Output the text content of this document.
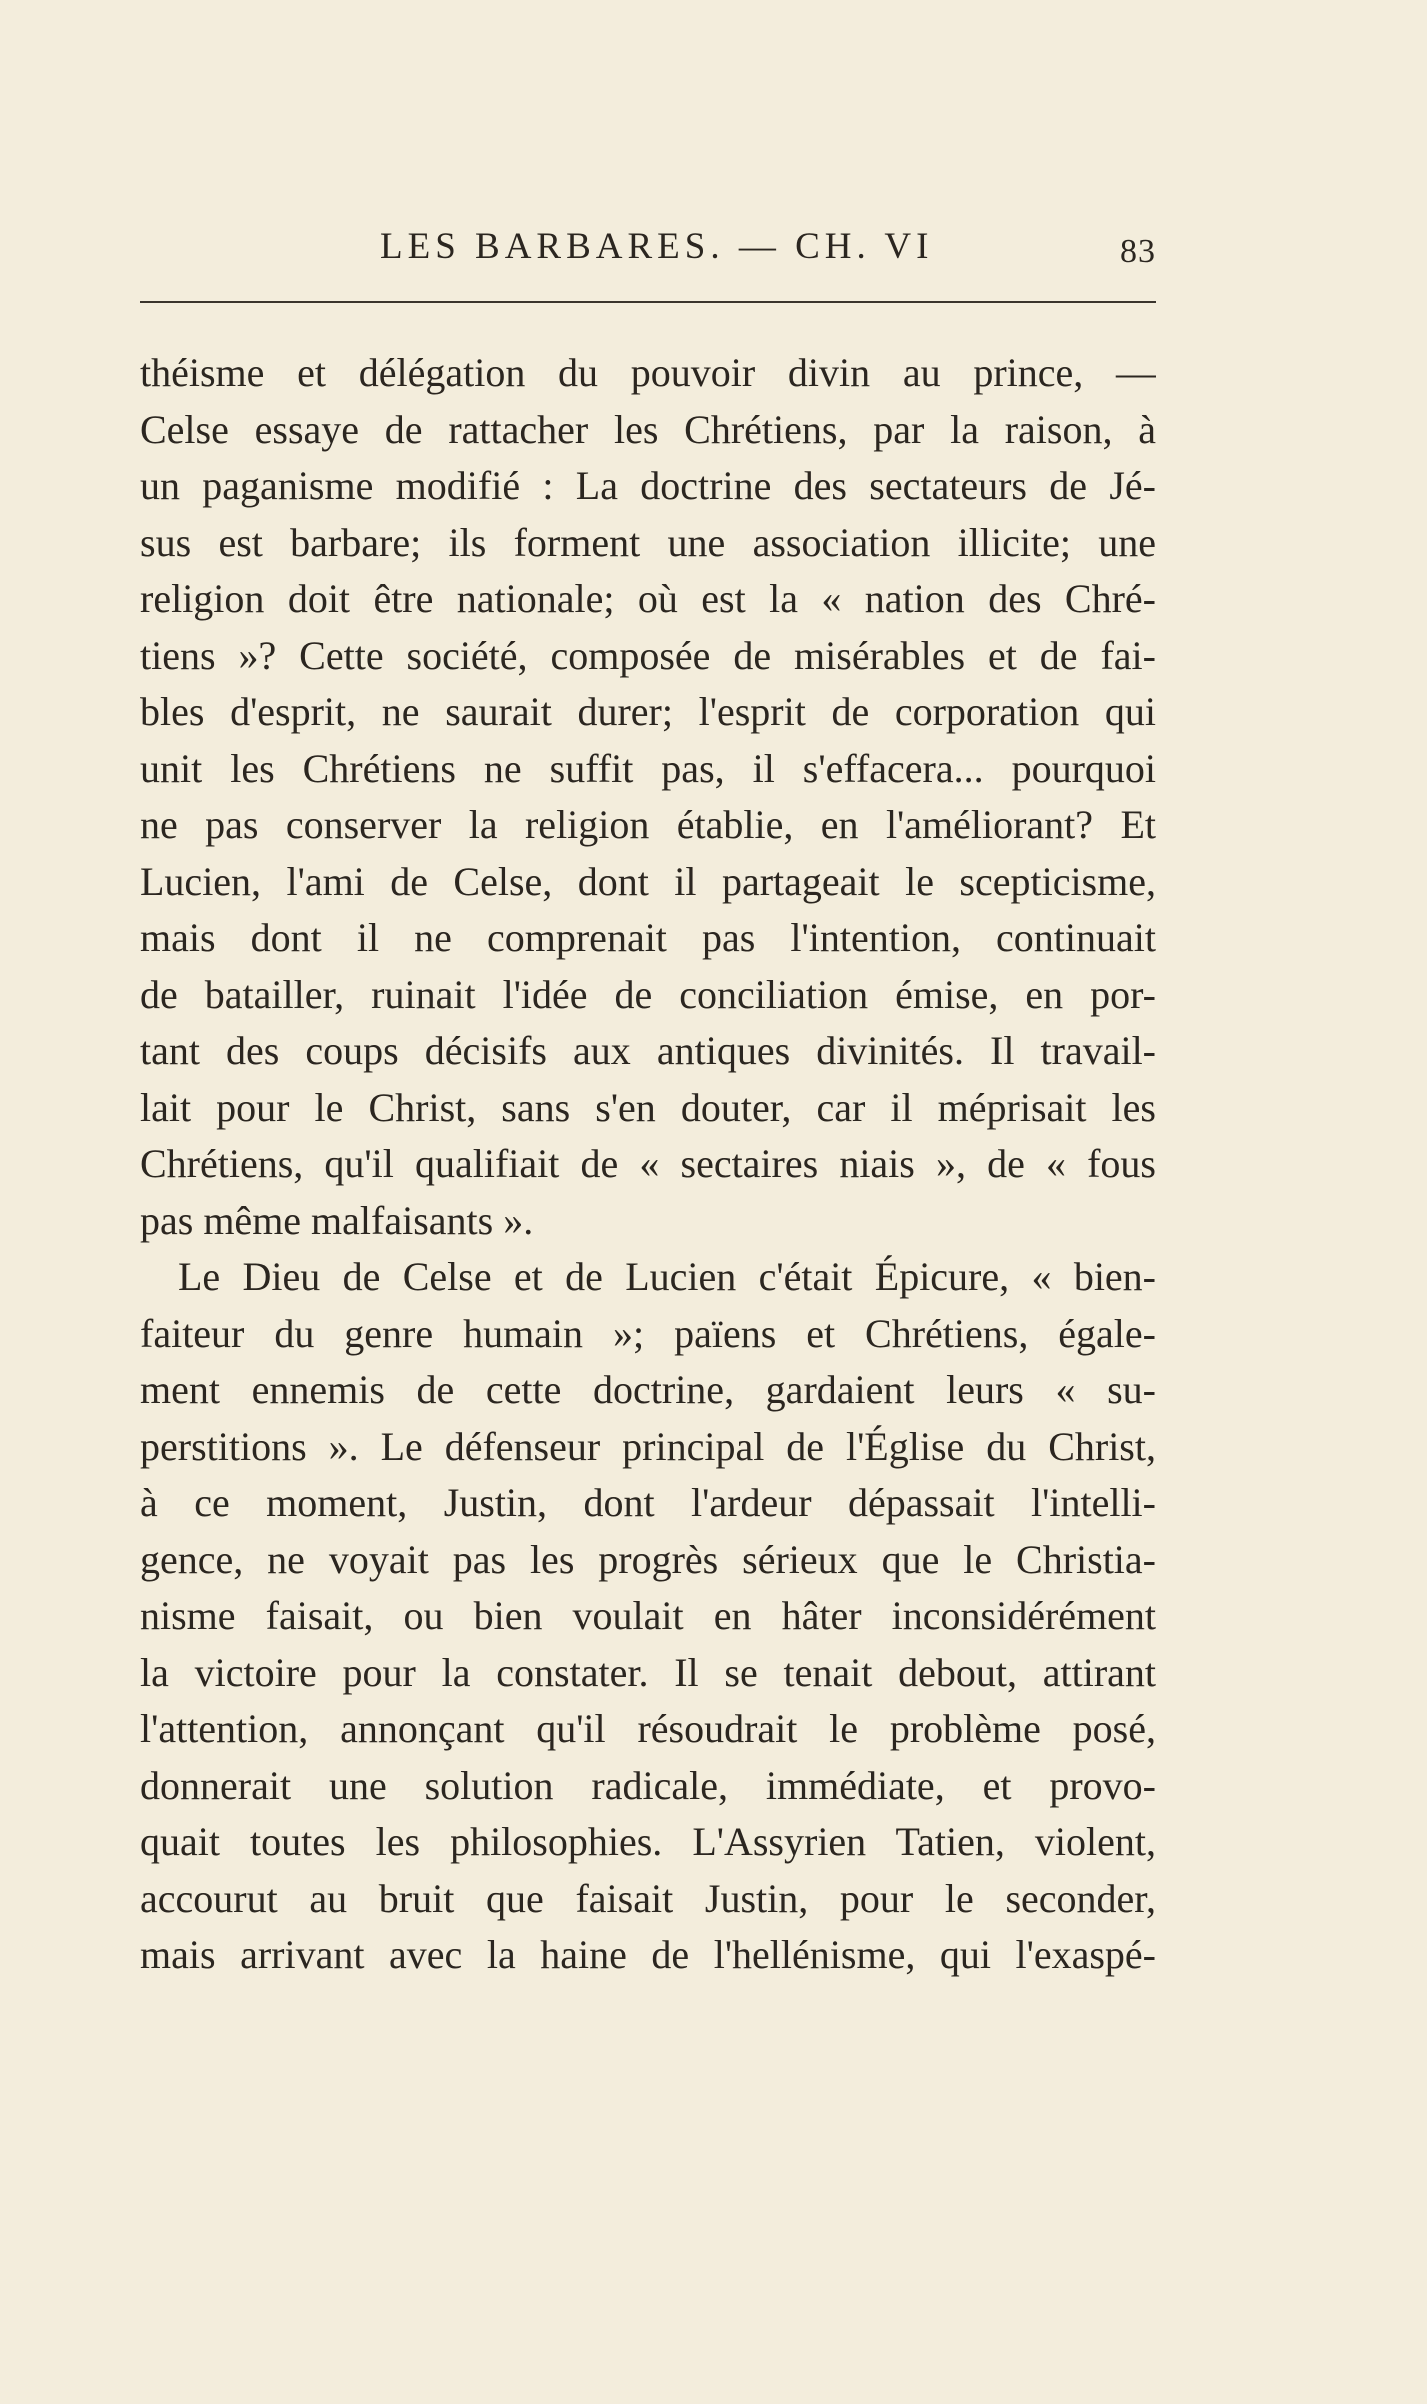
LES BARBARES. — CH. VI	83
théisme et délégation du pouvoir divin au prince, —
Celse essaye de rattacher les Chrétiens, par la raison, à
un paganisme modifié : La doctrine des sectateurs de Jé-
sus est barbare; ils forment une association illicite; une
religion doit être nationale; où est la « nation des Chré-
tiens »? Cette société, composée de misérables et de fai-
bles d'esprit, ne saurait durer; l'esprit de corporation qui
unit les Chrétiens ne suffit pas, il s'effacera... pourquoi
ne pas conserver la religion établie, en l'améliorant? Et
Lucien, l'ami de Celse, dont il partageait le scepticisme,
mais dont il ne comprenait pas l'intention, continuait
de batailler, ruinait l'idée de conciliation émise, en por-
tant des coups décisifs aux antiques divinités. Il travail-
lait pour le Christ, sans s'en douter, car il méprisait les
Chrétiens, qu'il qualifiait de « sectaires niais », de « fous
pas même malfaisants ».
Le Dieu de Celse et de Lucien c'était Épicure, « bien-
faiteur du genre humain »; païens et Chrétiens, égale-
ment ennemis de cette doctrine, gardaient leurs « su-
perstitions ». Le défenseur principal de l'Église du Christ,
à ce moment, Justin, dont l'ardeur dépassait l'intelli-
gence, ne voyait pas les progrès sérieux que le Christia-
nisme faisait, ou bien voulait en hâter inconsidérément
la victoire pour la constater. Il se tenait debout, attirant
l'attention, annonçant qu'il résoudrait le problème posé,
donnerait une solution radicale, immédiate, et provo-
quait toutes les philosophies. L'Assyrien Tatien, violent,
accourut au bruit que faisait Justin, pour le seconder,
mais arrivant avec la haine de l'hellénisme, qui l'exaspé-
